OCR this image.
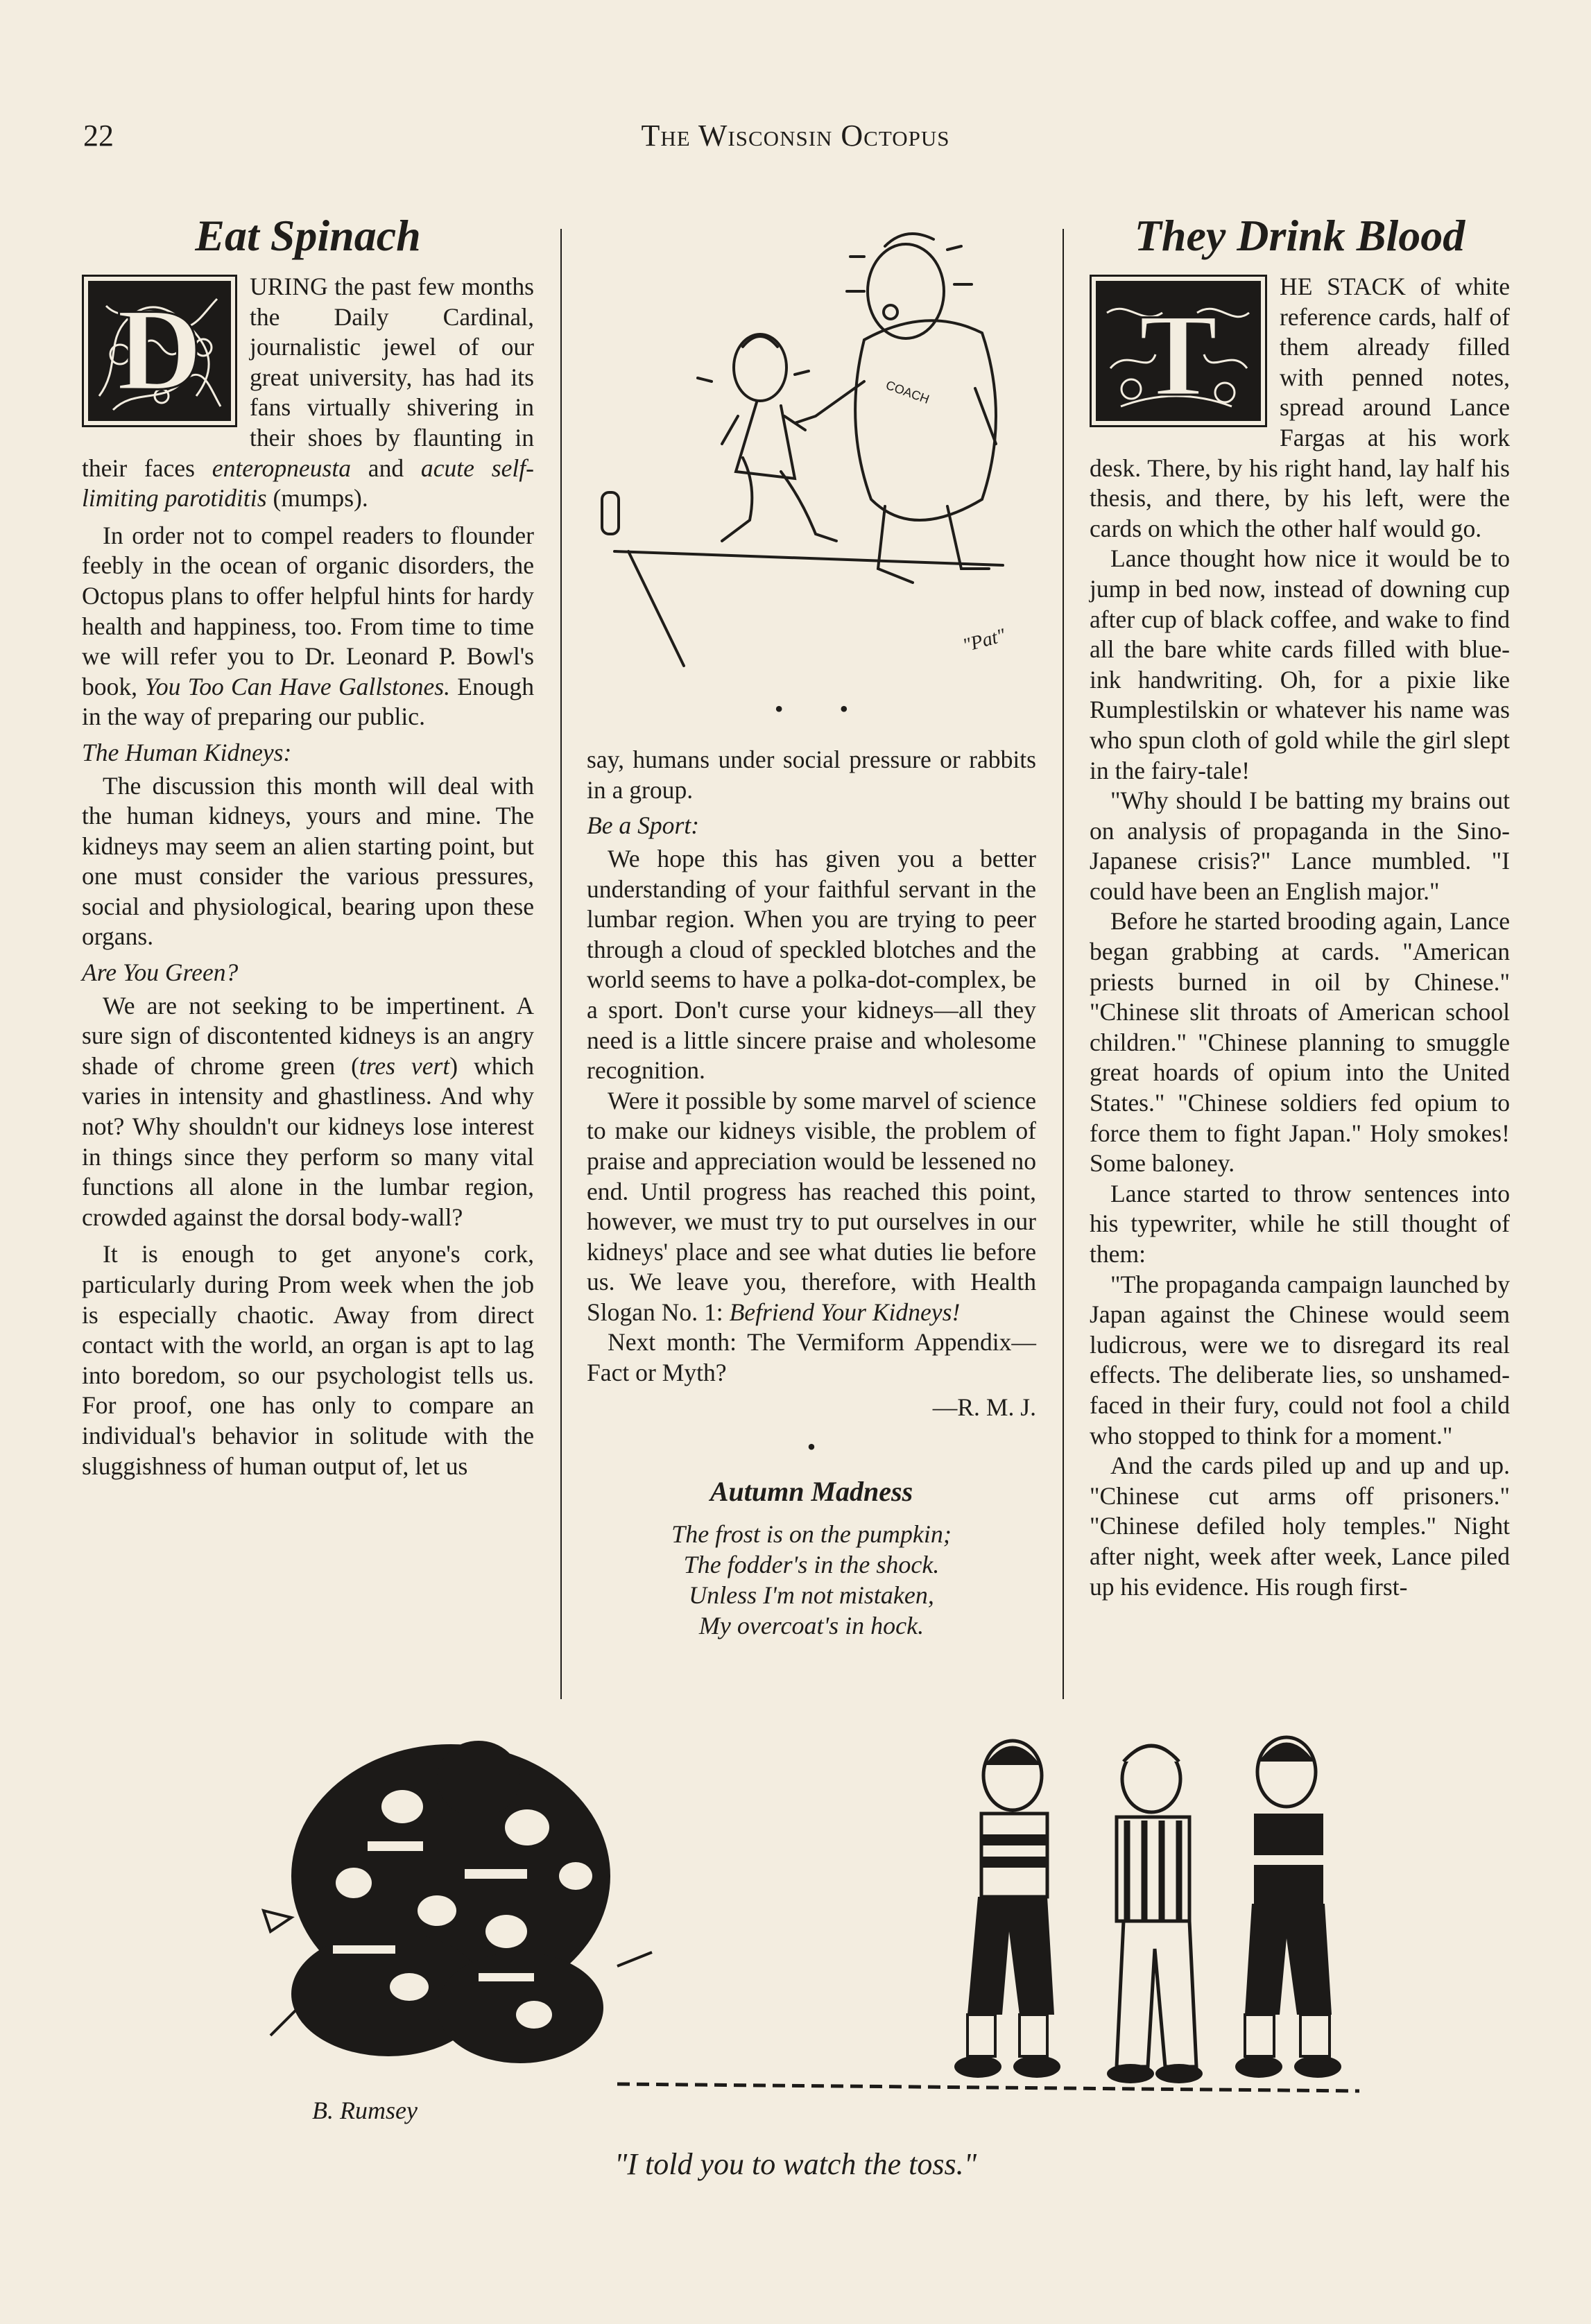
22	The Wisconsin Octopus
Eat Spinach
D	URING the past few months the Daily Cardinal, journalistic jewel of our great university, has had its fans virtually shivering in their shoes by flaunting in their faces enteropneusta and acute self-limiting parotiditis (mumps).

In order not to compel readers to flounder feebly in the ocean of organic disorders, the Octopus plans to offer helpful hints for hardy health and happiness, too. From time to time we will refer you to Dr. Leonard P. Bowl's book, You Too Can Have Gallstones. Enough in the way of preparing our public.

The Human Kidneys:

The discussion this month will deal with the human kidneys, yours and mine. The kidneys may seem an alien starting point, but one must consider the various pressures, social and physiological, bearing upon these organs.

Are You Green?

We are not seeking to be impertinent. A sure sign of discontented kidneys is an angry shade of chrome green (tres vert) which varies in intensity and ghastliness. And why not? Why shouldn't our kidneys lose interest in things since they perform so many vital functions all alone in the lumbar region, crowded against the dorsal body-wall?

It is enough to get anyone's cork, particularly during Prom week when the job is especially chaotic. Away from direct contact with the world, an organ is apt to lag into boredom, so our psychologist tells us. For proof, one has only to compare an individual's behavior in solitude with the sluggishness of human output of, let us

COACH
"Pat"
• •

say, humans under social pressure or rabbits in a group.

Be a Sport:

We hope this has given you a better understanding of your faithful servant in the lumbar region. When you are trying to peer through a cloud of speckled blotches and the world seems to have a polka-dot-complex, be a sport. Don't curse your kidneys—all they need is a little sincere praise and wholesome recognition.

Were it possible by some marvel of science to make our kidneys visible, the problem of praise and appreciation would be lessened no end. Until progress has reached this point, however, we must try to put ourselves in our kidneys' place and see what duties lie before us. We leave you, therefore, with Health Slogan No. 1: Befriend Your Kidneys!

Next month: The Vermiform Appendix—Fact or Myth?

—R. M. J.
•
Autumn Madness
The frost is on the pumpkin;
The fodder's in the shock.
Unless I'm not mistaken,
My overcoat's in hock.
They Drink Blood
T

HE STACK of white reference cards, half of them already filled with penned notes, spread around Lance Fargas at his work desk. There, by his right hand, lay half his thesis, and there, by his left, were the cards on which the other half would go.

Lance thought how nice it would be to jump in bed now, instead of downing cup after cup of black coffee, and wake to find all the bare white cards filled with blue-ink handwriting. Oh, for a pixie like Rumplestilskin or whatever his name was who spun cloth of gold while the girl slept in the fairy-tale!

"Why should I be batting my brains out on analysis of propaganda in the Sino-Japanese crisis?" Lance mumbled. "I could have been an English major."

Before he started brooding again, Lance began grabbing at cards. "American priests burned in oil by Chinese." "Chinese slit throats of American school children." "Chinese planning to smuggle great hoards of opium into the United States." "Chinese soldiers fed opium to force them to fight Japan." Holy smokes! Some baloney.

Lance started to throw sentences into his typewriter, while he still thought of them:

"The propaganda campaign launched by Japan against the Chinese would seem ludicrous, were we to disregard its real effects. The deliberate lies, so unshamed-faced in their fury, could not fool a child who stopped to think for a moment."

And the cards piled up and up and up. "Chinese cut arms off prisoners." "Chinese defiled holy temples." Night after night, week after week, Lance piled up his evidence. His rough first-

B. Rumsey
"I told you to watch the toss."
